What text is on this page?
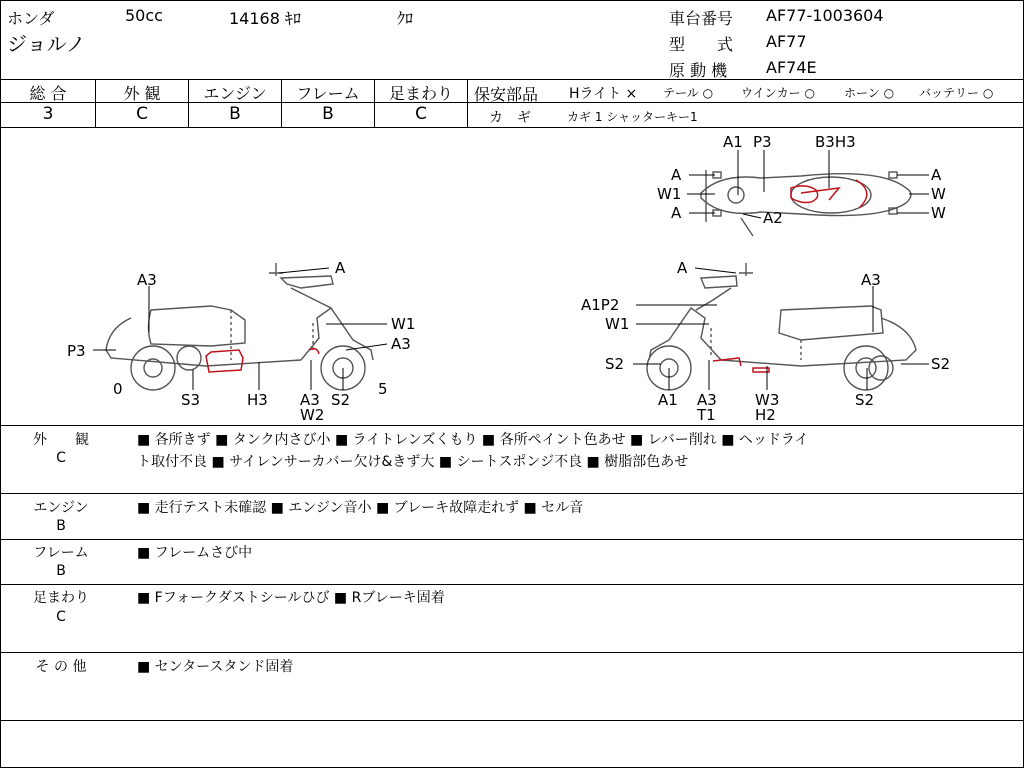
ホンダ	50cc	14168 ｷﾛ	ｸﾛ
ジョルノ
車台番号 AF77-1003604
型　　式 AF77
原 動 機 AF74E
総 合
3
外 観
C
エンジン
B
フレーム
B
足まわり
C
保安部品 Hライト × テール ○ ウインカー ○ ホーン ○ バッテリー ○
カ　ギ	カギ 1 シャッターキー1
A3
A
W1
A3
P3
0
S3	H3 A3
W2
S2
5
A
A3
A1P2
W1
S2
A1 A3
T1
W3
H2
S2
S2
A1 P3	B3H3
A
W1
A	A2
A
W
W
外　　観
C
■ 各所きず ■ タンク内さび小 ■ ライトレンズくもり ■ 各所ペイント色あせ ■ レバー削れ ■ ヘッドライ
ト取付不良 ■ サイレンサーカバー欠け&きず大 ■ シートスポンジ不良 ■ 樹脂部色あせ
エンジン
B
■ 走行テスト未確認 ■ エンジン音小 ■ ブレーキ故障走れず ■ セル音
フレーム
B
■ フレームさび中
足まわり
C
■ Fフォークダストシールひび ■ Rブレーキ固着
そ の 他	■ センタースタンド固着
